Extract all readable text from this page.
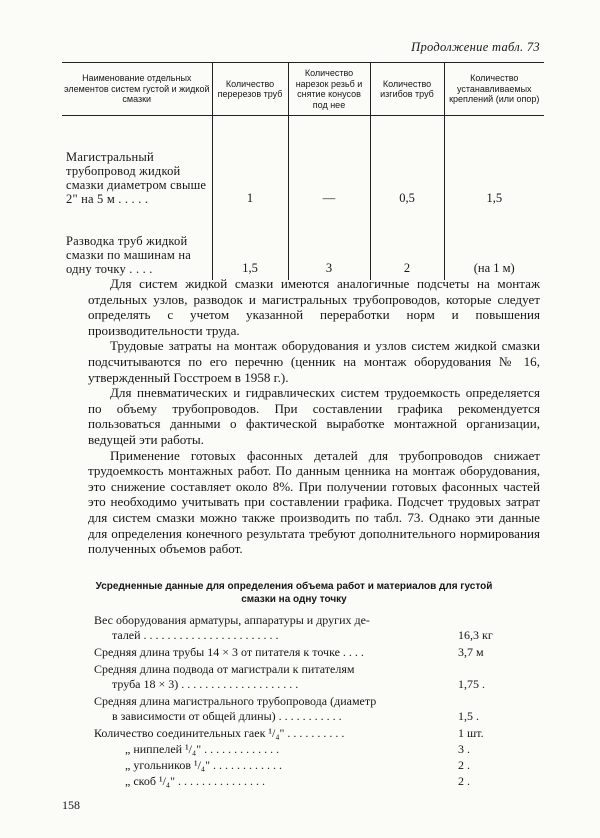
Продолжение табл. 73
Наименование отдельных элементов систем густой и жидкой смазки	Количество перерезов труб	Количество нарезок резьб и снятие конусов под нее	Количество изгибов труб	Количество устанавливаемых креплений (или опор)

Магистральный трубопровод жидкой смазки диаметром свыше 2" на 5 м . . . . .	1	—	0,5	1,5

Разводка труб жидкой смазки по машинам на одну точку . . . .	1,5	3	2	(на 1 м)

Для систем жидкой смазки имеются аналогичные подсчеты на монтаж отдельных узлов, разводок и магистральных трубопроводов, которые следует определять с учетом указанной переработки норм и повышения производительности труда.

Трудовые затраты на монтаж оборудования и узлов систем жидкой смазки подсчитываются по его перечню (ценник на монтаж оборудования № 16, утвержденный Госстроем в 1958 г.).

Для пневматических и гидравлических систем трудоемкость определяется по объему трубопроводов. При составлении графика рекомендуется пользоваться данными о фактической выработке монтажной организации, ведущей эти работы.

Применение готовых фасонных деталей для трубопроводов снижает трудоемкость монтажных работ. По данным ценника на монтаж оборудования, это снижение составляет около 8%. При получении готовых фасонных частей это необходимо учитывать при составлении графика. Подсчет трудовых затрат для систем смазки можно также производить по табл. 73. Однако эти данные для определения конечного результата требуют дополнительного нормирования полученных объемов работ.

Усредненные данные для определения объема работ и материалов для густой смазки на одну точку
Вес оборудования арматуры, аппаратуры и других де-
талей . . . . . . . . . . . . . . . . . . . . . . .	16,3 кг
Средняя длина трубы 14 × 3 от питателя к точке . . . .	3,7 м
Средняя длина подвода от магистрали к питателям
труба 18 × 3) . . . . . . . . . . . . . . . . . . . .	1,75 .
Средняя длина магистрального трубопровода (диаметр
в зависимости от общей длины) . . . . . . . . . . .	1,5 .
Количество соединительных гаек ¹/₄" . . . . . . . . . .	1 шт.
„ ниппелей ¹/₄" . . . . . . . . . . . . .	3 .
„ угольников ¹/₄" . . . . . . . . . . . .	2 .
„ скоб ¹/₄" . . . . . . . . . . . . . . .	2 .
158
